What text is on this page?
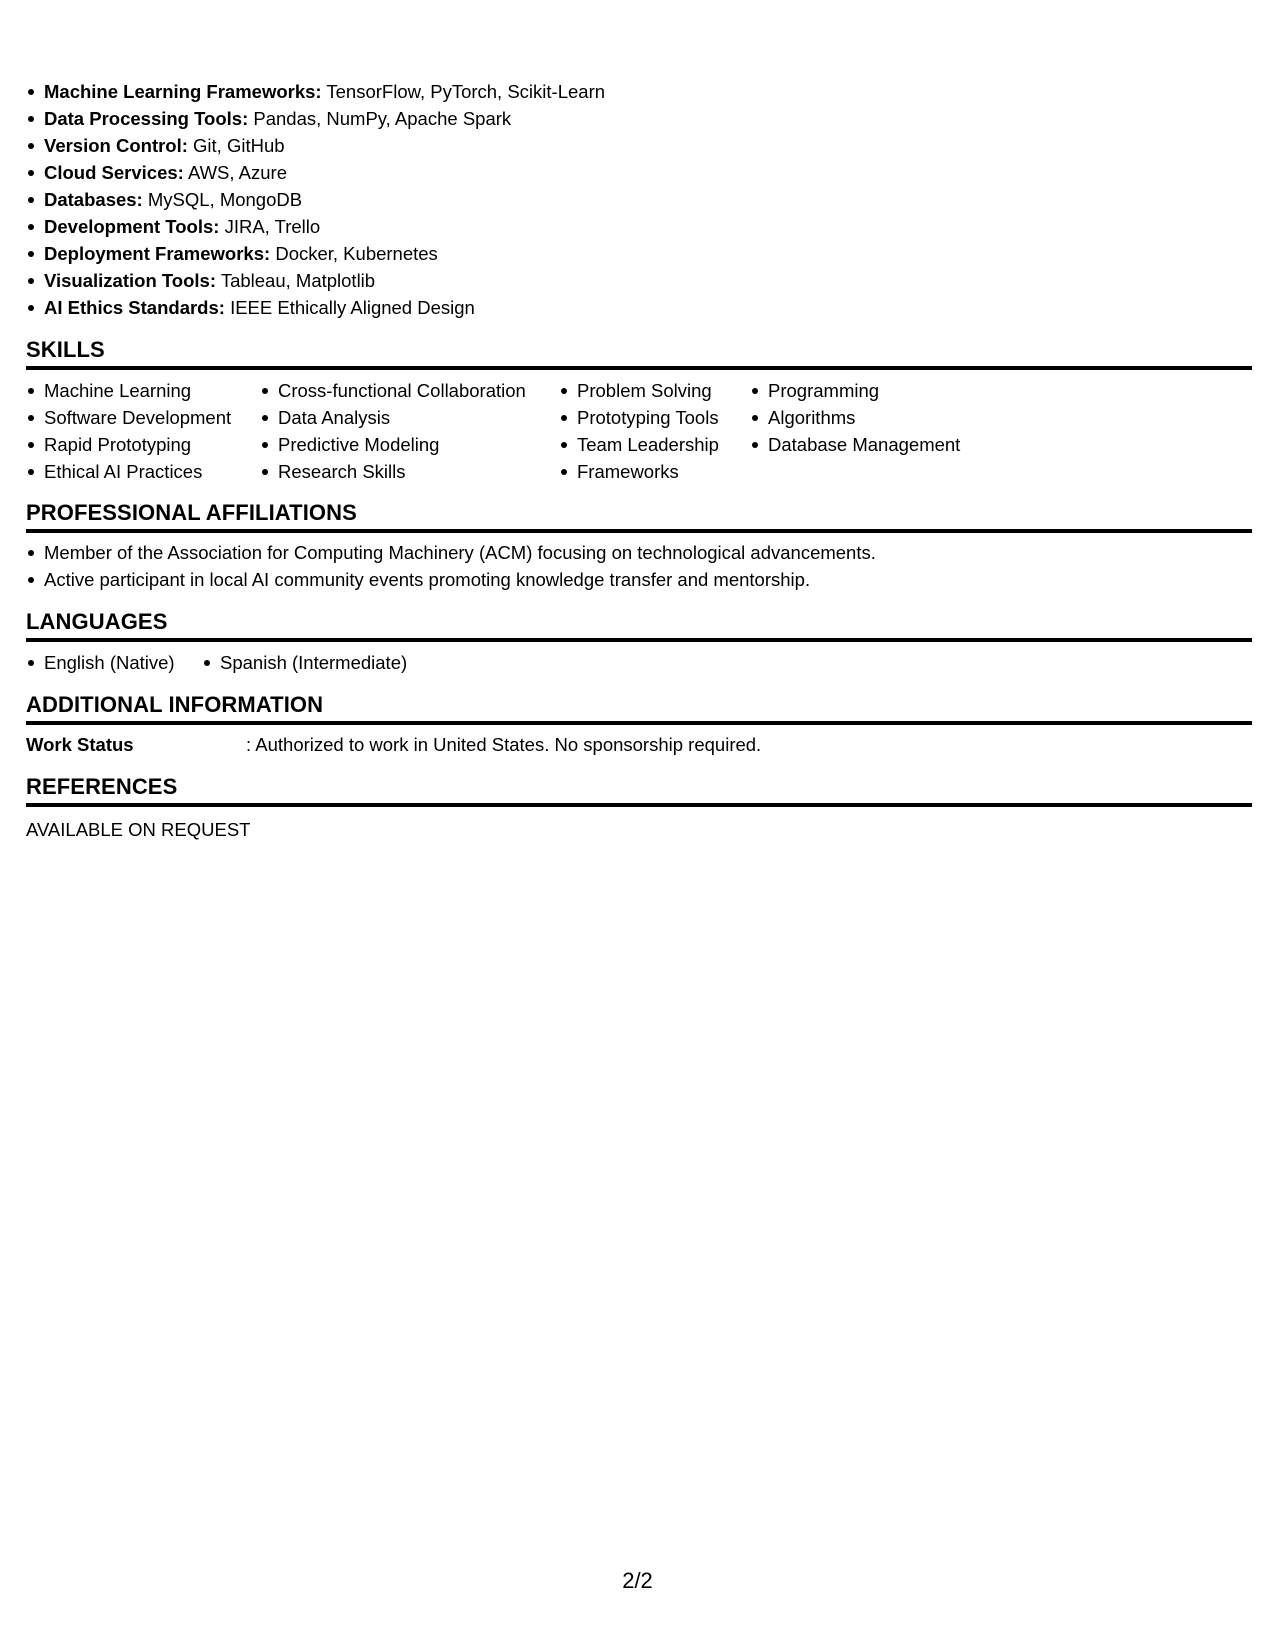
Machine Learning Frameworks: TensorFlow, PyTorch, Scikit-Learn
Data Processing Tools: Pandas, NumPy, Apache Spark
Version Control: Git, GitHub
Cloud Services: AWS, Azure
Databases: MySQL, MongoDB
Development Tools: JIRA, Trello
Deployment Frameworks: Docker, Kubernetes
Visualization Tools: Tableau, Matplotlib
AI Ethics Standards: IEEE Ethically Aligned Design
SKILLS
Machine Learning
Software Development
Rapid Prototyping
Ethical AI Practices
Cross-functional Collaboration
Data Analysis
Predictive Modeling
Research Skills
Problem Solving
Prototyping Tools
Team Leadership
Frameworks
Programming
Algorithms
Database Management
PROFESSIONAL AFFILIATIONS
Member of the Association for Computing Machinery (ACM) focusing on technological advancements.
Active participant in local AI community events promoting knowledge transfer and mentorship.
LANGUAGES
English (Native)	Spanish (Intermediate)
ADDITIONAL INFORMATION
Work Status	: Authorized to work in United States. No sponsorship required.
REFERENCES
AVAILABLE ON REQUEST
2/2
